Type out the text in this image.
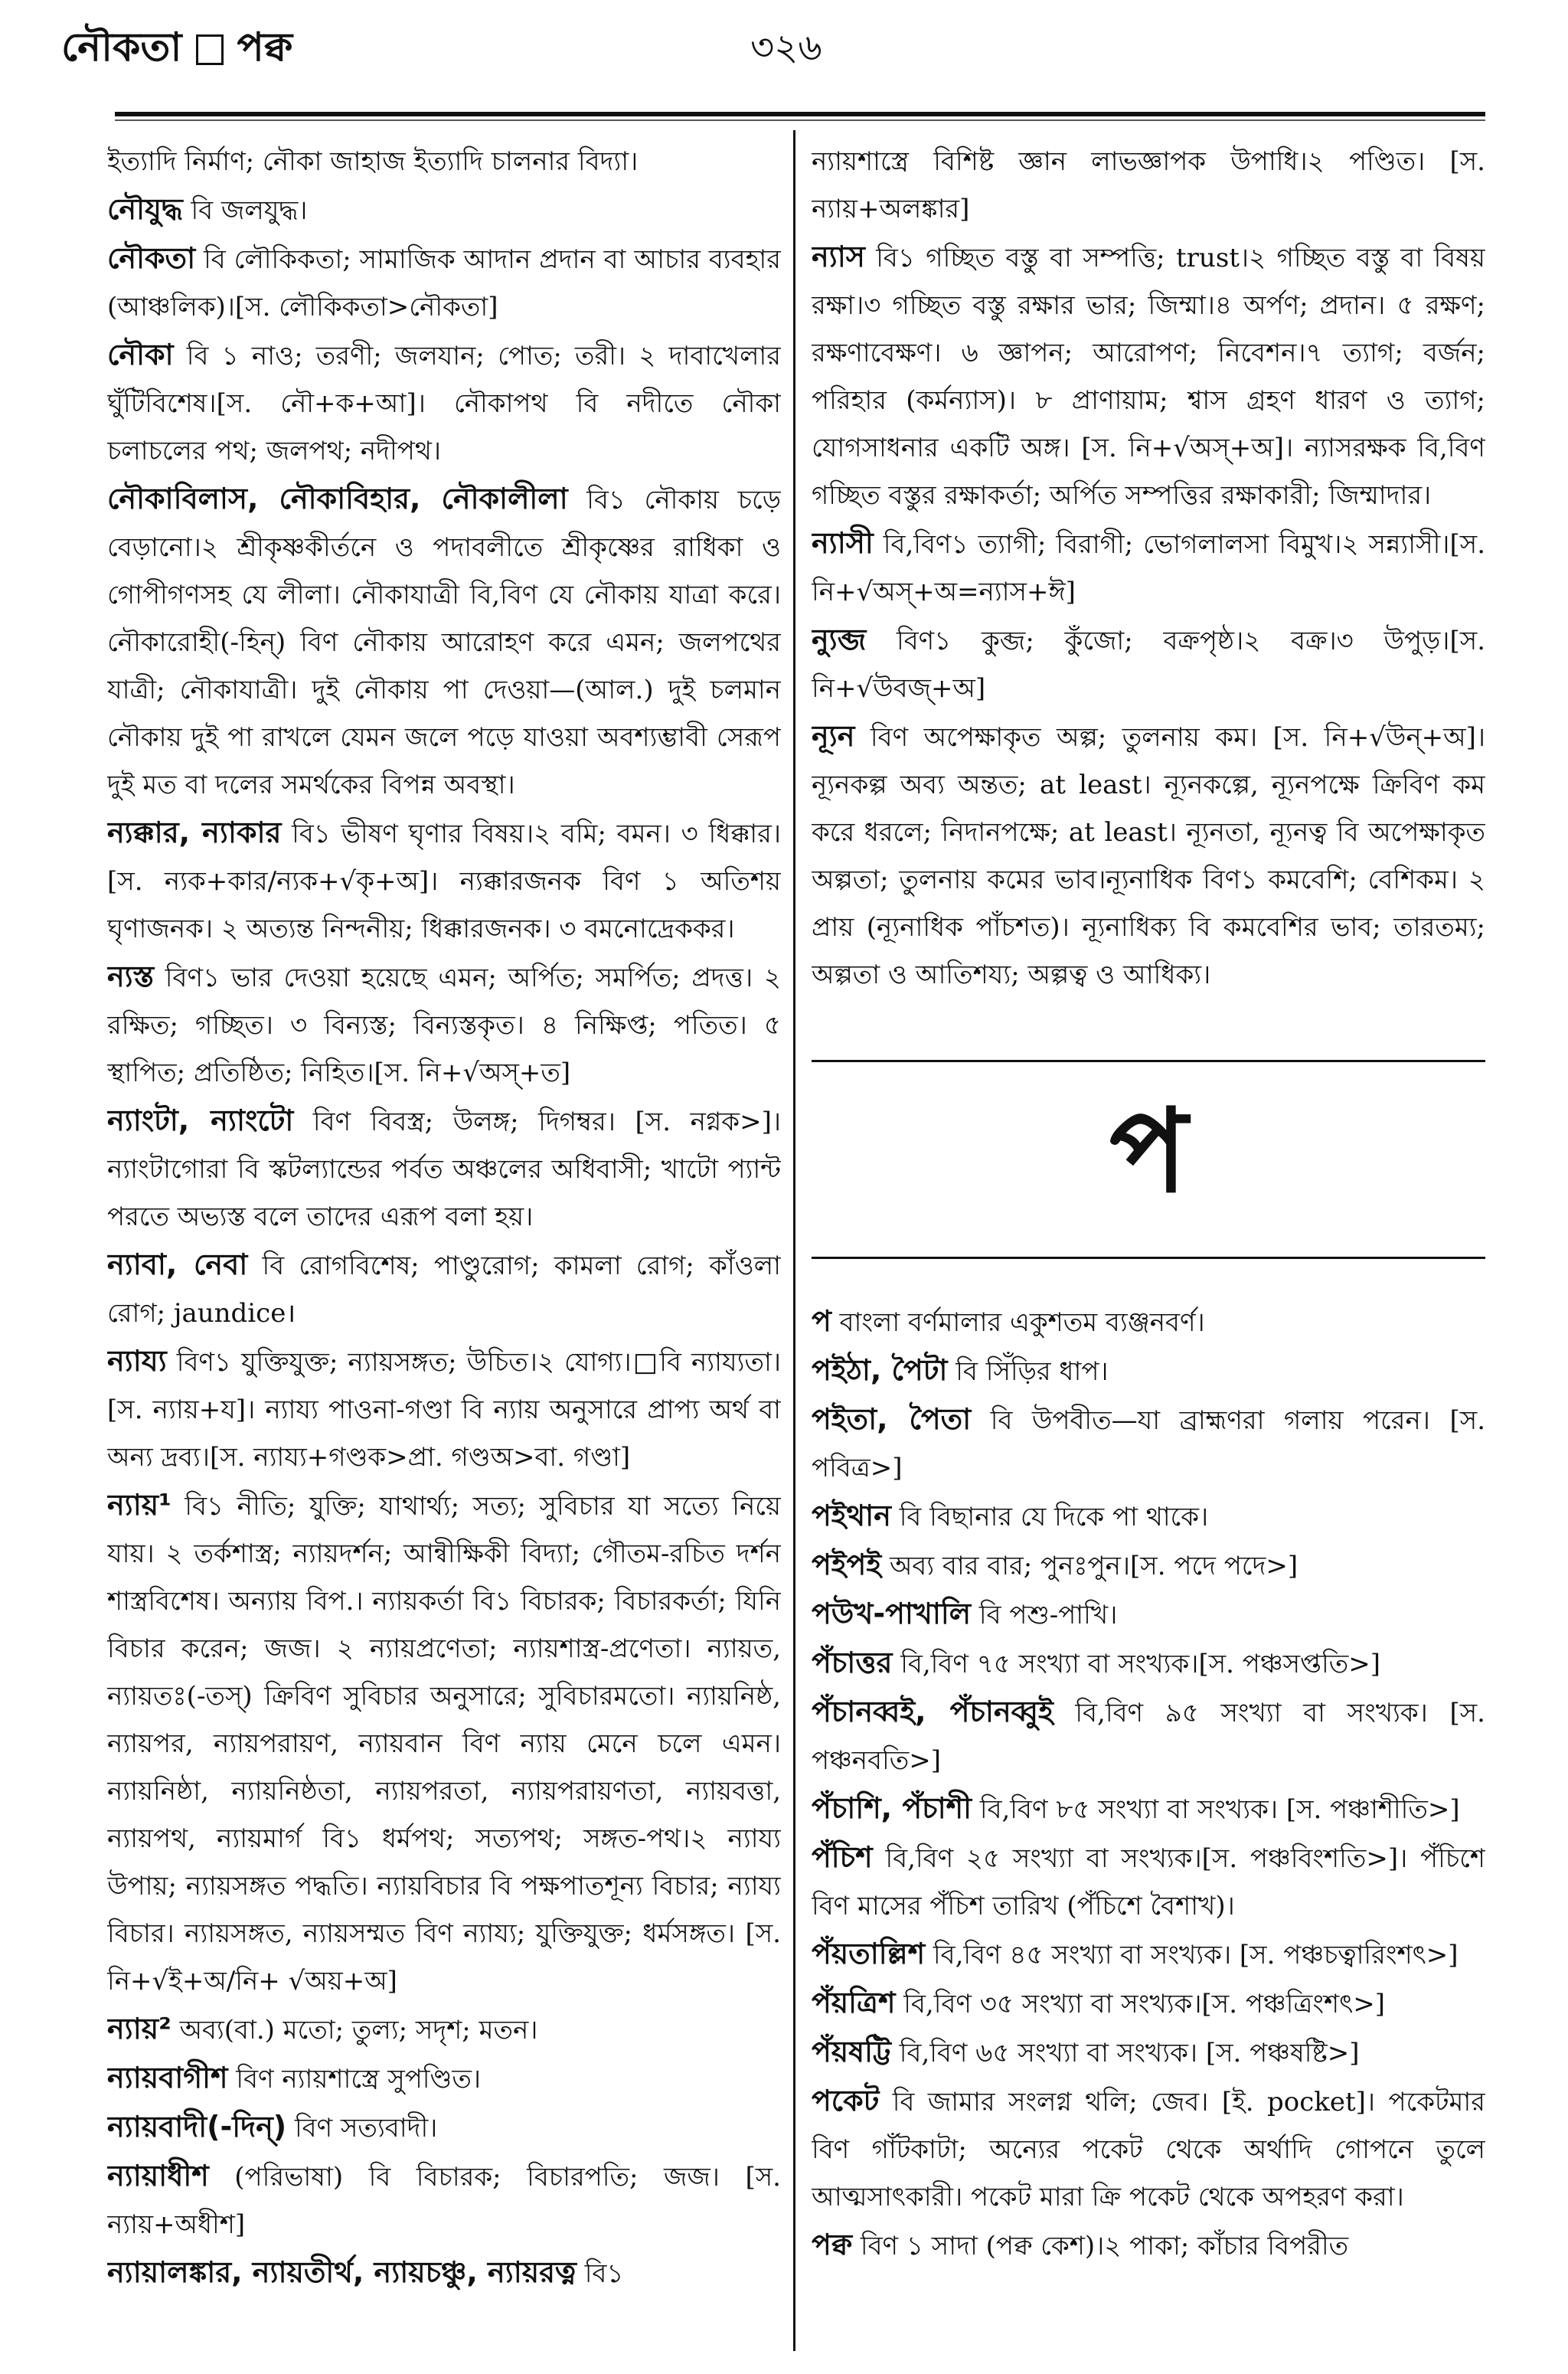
নৌকতা পক্ব	৩২৬

ইত্যাদি নির্মাণ; নৌকা জাহাজ ইত্যাদি চালনার বিদ্যা।

নৌযুদ্ধ বি জলযুদ্ধ।

নৌকতা বি লৌকিকতা; সামাজিক আদান প্রদান বা আচার ব্যবহার (আঞ্চলিক)।[স. লৌকিকতা>নৌকতা]

নৌকা বি ১ নাও; তরণী; জলযান; পোত; তরী। ২ দাবাখেলার ঘুঁটিবিশেষ।[স. নৌ+ক+আ]। নৌকাপথ বি নদীতে নৌকা চলাচলের পথ; জলপথ; নদীপথ।

নৌকাবিলাস, নৌকাবিহার, নৌকালীলা বি১ নৌকায় চড়ে বেড়ানো।২ শ্রীকৃষ্ণকীর্তনে ও পদাবলীতে শ্রীকৃষ্ণের রাধিকা ও গোপীগণসহ যে লীলা। নৌকাযাত্রী বি,বিণ যে নৌকায় যাত্রা করে। নৌকারোহী(-হিন্) বিণ নৌকায় আরোহণ করে এমন; জলপথের যাত্রী; নৌকাযাত্রী। দুই নৌকায় পা দেওয়া—(আল.) দুই চলমান নৌকায় দুই পা রাখলে যেমন জলে পড়ে যাওয়া অবশ্যম্ভাবী সেরূপ দুই মত বা দলের সমর্থকের বিপন্ন অবস্থা।

ন্যক্কার, ন্যাকার বি১ ভীষণ ঘৃণার বিষয়।২ বমি; বমন। ৩ ধিক্কার।[স. ন্যক+কার/ন্যক+√কৃ+অ]। ন্যক্কারজনক বিণ ১ অতিশয় ঘৃণাজনক। ২ অত্যন্ত নিন্দনীয়; ধিক্কারজনক। ৩ বমনোদ্রেককর।

ন্যস্ত বিণ১ ভার দেওয়া হয়েছে এমন; অর্পিত; সমর্পিত; প্রদত্ত। ২ রক্ষিত; গচ্ছিত। ৩ বিন্যস্ত; বিন্যস্তকৃত। ৪ নিক্ষিপ্ত; পতিত। ৫ স্থাপিত; প্রতিষ্ঠিত; নিহিত।[স. নি+√অস্+ত]

ন্যাংটা, ন্যাংটো বিণ বিবস্ত্র; উলঙ্গ; দিগম্বর। [স. নগ্নক>]। ন্যাংটাগোরা বি স্কটল্যান্ডের পর্বত অঞ্চলের অধিবাসী; খাটো প্যান্ট পরতে অভ্যস্ত বলে তাদের এরূপ বলা হয়।

ন্যাবা, নেবা বি রোগবিশেষ; পাণ্ডুরোগ; কামলা রোগ; কাঁওলা রোগ; jaundice।

ন্যায্য বিণ১ যুক্তিযুক্ত; ন্যায়সঙ্গত; উচিত।২ যোগ্য।□বি ন্যায্যতা। [স. ন্যায়+য]। ন্যায্য পাওনা-গণ্ডা বি ন্যায় অনুসারে প্রাপ্য অর্থ বা অন্য দ্রব্য।[স. ন্যায্য+গণ্ডক>প্রা. গণ্ডঅ>বা. গণ্ডা]

ন্যায়¹ বি১ নীতি; যুক্তি; যাথার্থ্য; সত্য; সুবিচার যা সত্যে নিয়ে যায়। ২ তর্কশাস্ত্র; ন্যায়দর্শন; আন্বীক্ষিকী বিদ্যা; গৌতম-রচিত দর্শন শাস্ত্রবিশেষ। অন্যায় বিপ.। ন্যায়কর্তা বি১ বিচারক; বিচারকর্তা; যিনি বিচার করেন; জজ। ২ ন্যায়প্রণেতা; ন্যায়শাস্ত্র-প্রণেতা। ন্যায়ত, ন্যায়তঃ(-তস্) ক্রিবিণ সুবিচার অনুসারে; সুবিচারমতো। ন্যায়নিষ্ঠ, ন্যায়পর, ন্যায়পরায়ণ, ন্যায়বান বিণ ন্যায় মেনে চলে এমন। ন্যায়নিষ্ঠা, ন্যায়নিষ্ঠতা, ন্যায়পরতা, ন্যায়পরায়ণতা, ন্যায়বত্তা, ন্যায়পথ, ন্যায়মার্গ বি১ ধর্মপথ; সত্যপথ; সঙ্গত-পথ।২ ন্যায্য উপায়; ন্যায়সঙ্গত পদ্ধতি। ন্যায়বিচার বি পক্ষপাতশূন্য বিচার; ন্যায্য বিচার। ন্যায়সঙ্গত, ন্যায়সম্মত বিণ ন্যায্য; যুক্তিযুক্ত; ধর্মসঙ্গত। [স. নি+√ই+অ/নি+ √অয়+অ]

ন্যায়² অব্য(বা.) মতো; তুল্য; সদৃশ; মতন।

ন্যায়বাগীশ বিণ ন্যায়শাস্ত্রে সুপণ্ডিত।

ন্যায়বাদী(-দিন্) বিণ সত্যবাদী।

ন্যায়াধীশ (পরিভাষা) বি বিচারক; বিচারপতি; জজ। [স. ন্যায়+অধীশ]

ন্যায়ালঙ্কার, ন্যায়তীর্থ, ন্যায়চঞ্চু, ন্যায়রত্ন বি১

ন্যায়শাস্ত্রে বিশিষ্ট জ্ঞান লাভজ্ঞাপক উপাধি।২ পণ্ডিত। [স. ন্যায়+অলঙ্কার]

ন্যাস বি১ গচ্ছিত বস্তু বা সম্পত্তি; trust।২ গচ্ছিত বস্তু বা বিষয় রক্ষা।৩ গচ্ছিত বস্তু রক্ষার ভার; জিম্মা।৪ অর্পণ; প্রদান। ৫ রক্ষণ; রক্ষণাবেক্ষণ। ৬ জ্ঞাপন; আরোপণ; নিবেশন।৭ ত্যাগ; বর্জন; পরিহার (কর্মন্যাস)। ৮ প্রাণায়াম; শ্বাস গ্রহণ ধারণ ও ত্যাগ; যোগসাধনার একটি অঙ্গ। [স. নি+√অস্+অ]। ন্যাসরক্ষক বি,বিণ গচ্ছিত বস্তুর রক্ষাকর্তা; অর্পিত সম্পত্তির রক্ষাকারী; জিম্মাদার।

ন্যাসী বি,বিণ১ ত্যাগী; বিরাগী; ভোগলালসা বিমুখ।২ সন্ন্যাসী।[স. নি+√অস্+অ=ন্যাস+ঈ]

ন্যুব্জ বিণ১ কুব্জ; কুঁজো; বক্রপৃষ্ঠ।২ বক্র।৩ উপুড়।[স. নি+√উবজ্+অ]

ন্যূন বিণ অপেক্ষাকৃত অল্প; তুলনায় কম। [স. নি+√উন্+অ]। ন্যূনকল্প অব্য অন্তত; at least। ন্যূনকল্পে, ন্যূনপক্ষে ক্রিবিণ কম করে ধরলে; নিদানপক্ষে; at least। ন্যূনতা, ন্যূনত্ব বি অপেক্ষাকৃত অল্পতা; তুলনায় কমের ভাব।ন্যূনাধিক বিণ১ কমবেশি; বেশিকম। ২ প্রায় (ন্যূনাধিক পাঁচশত)। ন্যূনাধিক্য বি কমবেশির ভাব; তারতম্য; অল্পতা ও আতিশয্য; অল্পত্ব ও আধিক্য।

প

প বাংলা বর্ণমালার একুশতম ব্যঞ্জনবর্ণ।

পইঠা, পৈটা বি সিঁড়ির ধাপ।

পইতা, পৈতা বি উপবীত—যা ব্রাহ্মণরা গলায় পরেন। [স. পবিত্র>]

পইথান বি বিছানার যে দিকে পা থাকে।

পইপই অব্য বার বার; পুনঃপুন।[স. পদে পদে>]

পউখ-পাখালি বি পশু-পাখি।

পঁচাত্তর বি,বিণ ৭৫ সংখ্যা বা সংখ্যক।[স. পঞ্চসপ্ততি>]

পঁচানব্বই, পঁচানব্বুই বি,বিণ ৯৫ সংখ্যা বা সংখ্যক। [স. পঞ্চনবতি>]

পঁচাশি, পঁচাশী বি,বিণ ৮৫ সংখ্যা বা সংখ্যক। [স. পঞ্চাশীতি>]

পঁচিশ বি,বিণ ২৫ সংখ্যা বা সংখ্যক।[স. পঞ্চবিংশতি>]। পঁচিশে বিণ মাসের পঁচিশ তারিখ (পঁচিশে বৈশাখ)।

পঁয়তাল্লিশ বি,বিণ ৪৫ সংখ্যা বা সংখ্যক। [স. পঞ্চচত্বারিংশৎ>]

পঁয়ত্রিশ বি,বিণ ৩৫ সংখ্যা বা সংখ্যক।[স. পঞ্চত্রিংশৎ>]

পঁয়ষট্টি বি,বিণ ৬৫ সংখ্যা বা সংখ্যক। [স. পঞ্চষষ্টি>]

পকেট বি জামার সংলগ্ন থলি; জেব। [ই. pocket]। পকেটমার বিণ গাঁটকাটা; অন্যের পকেট থেকে অর্থাদি গোপনে তুলে আত্মসাৎকারী। পকেট মারা ক্রি পকেট থেকে অপহরণ করা।

পক্ব বিণ ১ সাদা (পক্ব কেশ)।২ পাকা; কাঁচার বিপরীত
